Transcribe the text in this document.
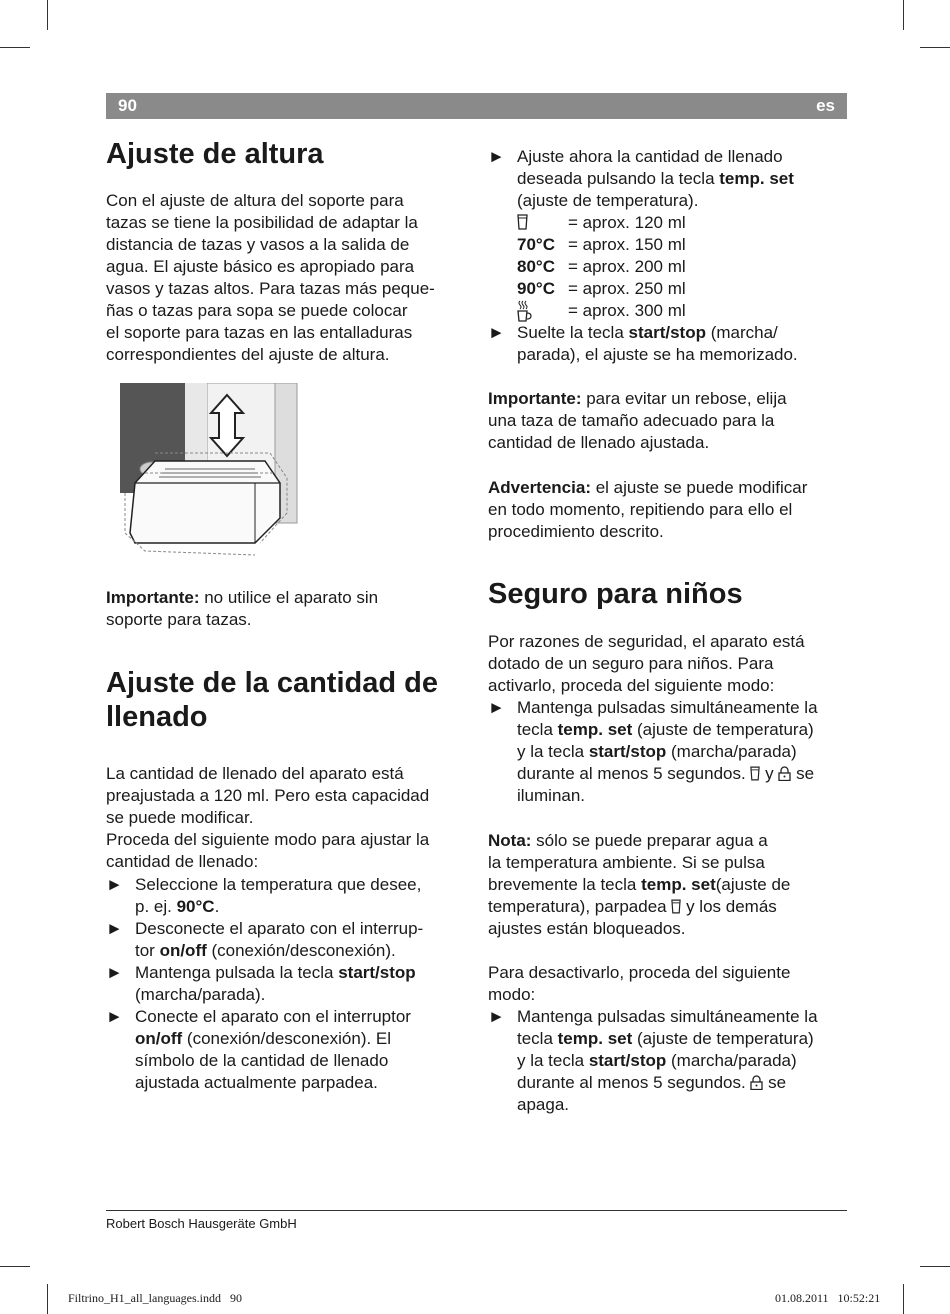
90	es
Ajuste de altura
Con el ajuste de altura del soporte para
tazas se tiene la posibilidad de adaptar la
distancia de tazas y vasos a la salida de
agua. El ajuste básico es apropiado para
vasos y tazas altos. Para tazas más peque-
ñas o tazas para sopa se puede colocar
el soporte para tazas en las entalladuras
correspondientes del ajuste de altura.
Importante: no utilice el aparato sin
soporte para tazas.
Ajuste de la cantidad de
llenado
La cantidad de llenado del aparato está
preajustada a 120 ml. Pero esta capacidad
se puede modificar.
Proceda del siguiente modo para ajustar la
cantidad de llenado:
► Seleccione la temperatura que desee,
p. ej. 90°C.
► Desconecte el aparato con el interrup-
tor on/off (conexión/desconexión).
► Mantenga pulsada la tecla start/stop
(marcha/parada).
► Conecte el aparato con el interruptor
on/off (conexión/desconexión). El
símbolo de la cantidad de llenado
ajustada actualmente parpadea.
► Ajuste ahora la cantidad de llenado
deseada pulsando la tecla temp. set
(ajuste de temperatura).
= aprox. 120 ml
70°C = aprox. 150 ml
80°C = aprox. 200 ml
90°C = aprox. 250 ml
= aprox. 300 ml
► Suelte la tecla start/stop (marcha/
parada), el ajuste se ha memorizado.
Importante: para evitar un rebose, elija
una taza de tamaño adecuado para la
cantidad de llenado ajustada.
Advertencia: el ajuste se puede modificar
en todo momento, repitiendo para ello el
procedimiento descrito.
Seguro para niños
Por razones de seguridad, el aparato está
dotado de un seguro para niños. Para
activarlo, proceda del siguiente modo:
► Mantenga pulsadas simultáneamente la
tecla temp. set (ajuste de temperatura)
y la tecla start/stop (marcha/parada)
durante al menos 5 segundos.  y  se
iluminan.
Nota: sólo se puede preparar agua a
la temperatura ambiente. Si se pulsa
brevemente la tecla temp. set(ajuste de
temperatura), parpadea  y los demás
ajustes están bloqueados.
Para desactivarlo, proceda del siguiente
modo:
► Mantenga pulsadas simultáneamente la
tecla temp. set (ajuste de temperatura)
y la tecla start/stop (marcha/parada)
durante al menos 5 segundos.  se
apaga.
Robert Bosch Hausgeräte GmbH
Filtrino_H1_all_languages.indd   90	01.08.2011   10:52:21
